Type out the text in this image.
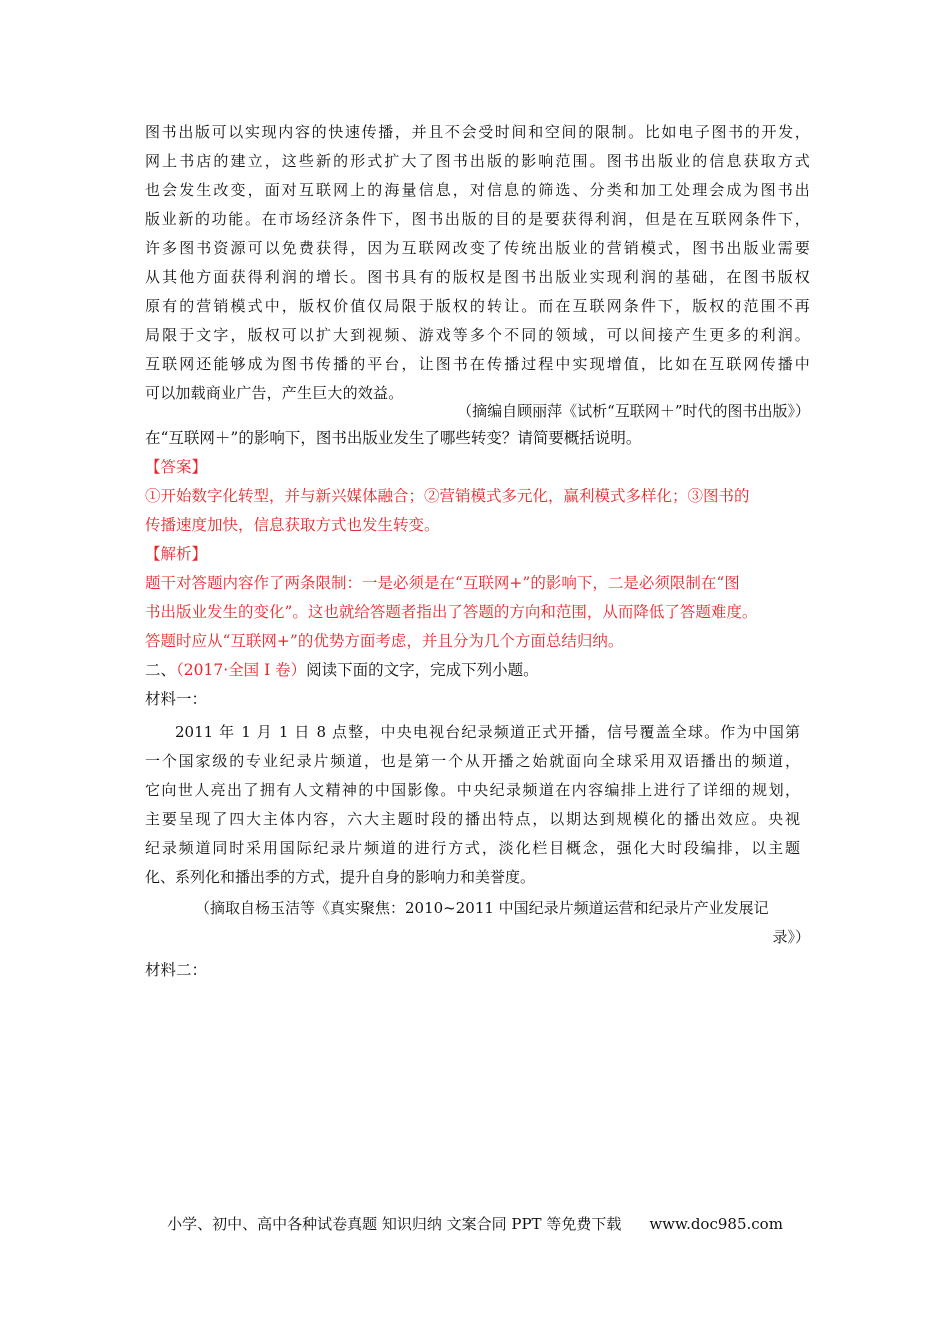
图书出版可以实现内容的快速传播，并且不会受时间和空间的限制。比如电子图书的开发，
网上书店的建立，这些新的形式扩大了图书出版的影响范围。图书出版业的信息获取方式
也会发生改变，面对互联网上的海量信息，对信息的筛选、分类和加工处理会成为图书出
版业新的功能。在市场经济条件下，图书出版的目的是要获得利润，但是在互联网条件下，
许多图书资源可以免费获得，因为互联网改变了传统出版业的营销模式，图书出版业需要
从其他方面获得利润的增长。图书具有的版权是图书出版业实现利润的基础，在图书版权
原有的营销模式中，版权价值仅局限于版权的转让。而在互联网条件下，版权的范围不再
局限于文字，版权可以扩大到视频、游戏等多个不同的领域，可以间接产生更多的利润。
互联网还能够成为图书传播的平台，让图书在传播过程中实现增值，比如在互联网传播中
可以加载商业广告，产生巨大的效益。
（摘编自顾丽萍《试析“互联网＋”时代的图书出版》）
在“互联网＋”的影响下，图书出版业发生了哪些转变？请简要概括说明。
【答案】
①开始数字化转型，并与新兴媒体融合；②营销模式多元化，赢利模式多样化；③图书的
传播速度加快，信息获取方式也发生转变。
【解析】
题干对答题内容作了两条限制：一是必须是在“互联网+”的影响下，二是必须限制在“图
书出版业发生的变化”。这也就给答题者指出了答题的方向和范围，从而降低了答题难度。
答题时应从“互联网+”的优势方面考虑，并且分为几个方面总结归纳。
二、（2017·全国 I 卷）阅读下面的文字，完成下列小题。
材料一：
2011 年 1 月 1 日 8 点整，中央电视台纪录频道正式开播，信号覆盖全球。作为中国第
一个国家级的专业纪录片频道，也是第一个从开播之始就面向全球采用双语播出的频道，
它向世人亮出了拥有人文精神的中国影像。中央纪录频道在内容编排上进行了详细的规划，
主要呈现了四大主体内容，六大主题时段的播出特点，以期达到规模化的播出效应。央视
纪录频道同时采用国际纪录片频道的进行方式，淡化栏目概念，强化大时段编排，以主题
化、系列化和播出季的方式，提升自身的影响力和美誉度。
（摘取自杨玉洁等《真实聚焦：2010~2011 中国纪录片频道运营和纪录片产业发展记
录》）
材料二：
小学、初中、高中各种试卷真题 知识归纳 文案合同 PPT 等免费下载 www.doc985.com
